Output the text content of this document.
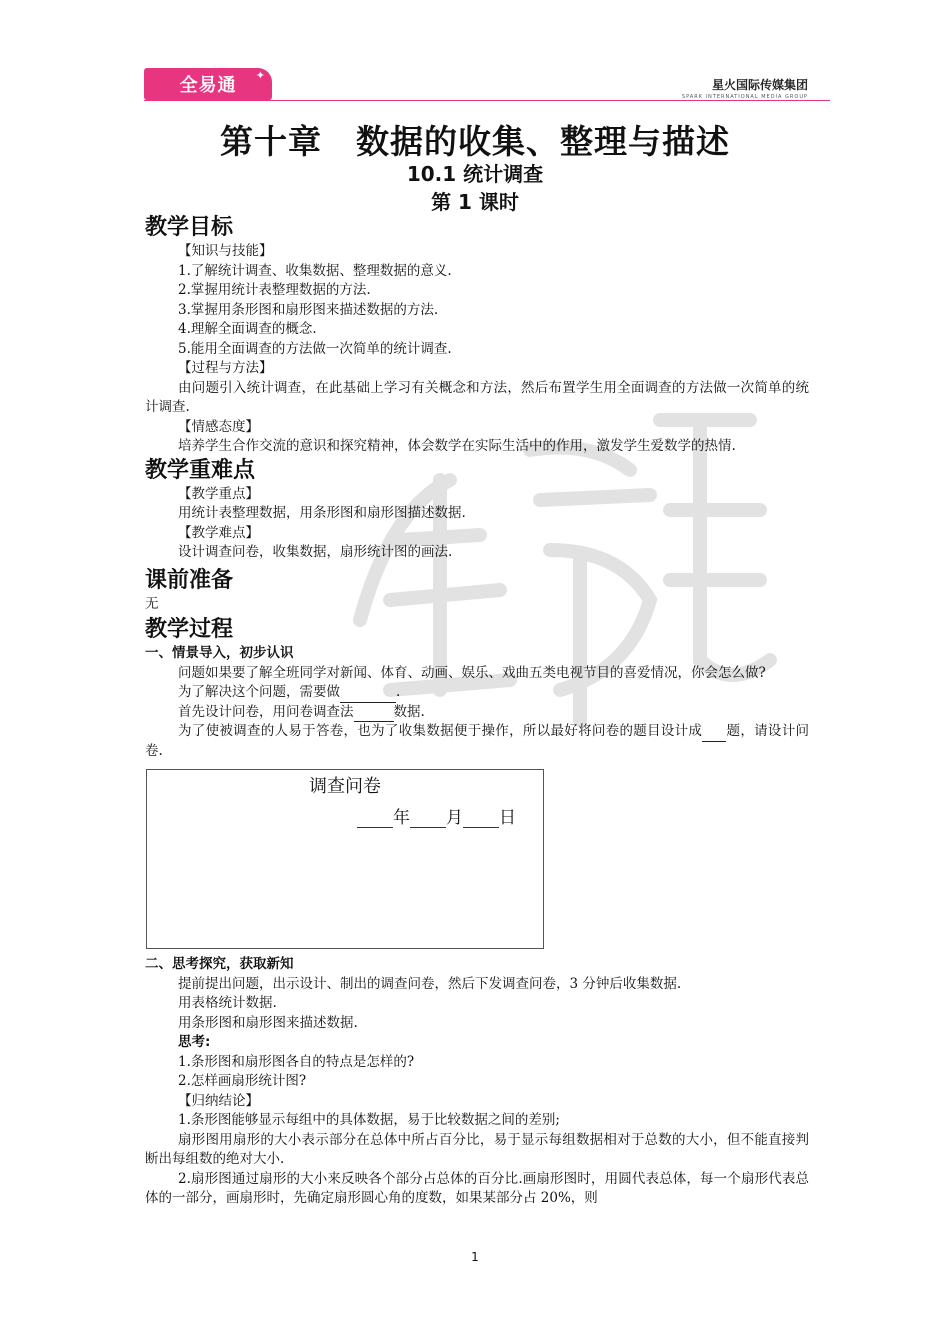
全易通 ✦
星火国际传媒集团
SPARK INTERNATIONAL MEDIA GROUP
第十章　数据的收集、整理与描述
10.1 统计调查
第 1 课时
教学目标
【知识与技能】
1.了解统计调查、收集数据、整理数据的意义.
2.掌握用统计表整理数据的方法.
3.掌握用条形图和扇形图来描述数据的方法.
4.理解全面调查的概念.
5.能用全面调查的方法做一次简单的统计调查.
【过程与方法】
由问题引入统计调查，在此基础上学习有关概念和方法，然后布置学生用全面调查的方法做一次简单的统计调查.
【情感态度】
培养学生合作交流的意识和探究精神，体会数学在实际生活中的作用，激发学生爱数学的热情.
教学重难点
【教学重点】
用统计表整理数据，用条形图和扇形图描述数据.
【教学难点】
设计调查问卷，收集数据，扇形统计图的画法.
课前准备
无
教学过程
一、情景导入，初步认识
问题如果要了解全班同学对新闻、体育、动画、娱乐、戏曲五类电视节目的喜爱情况，你会怎么做?
为了解决这个问题，需要做	.
首先设计问卷，用问卷调查法	数据.
为了使被调查的人易于答卷，也为了收集数据便于操作，所以最好将问卷的题目设计成 题，请设计问卷.
调查问卷
年 月 日
二、思考探究，获取新知
提前提出问题，出示设计、制出的调查问卷，然后下发调查问卷，3 分钟后收集数据.
用表格统计数据.
用条形图和扇形图来描述数据.
思考:
1.条形图和扇形图各自的特点是怎样的?
2.怎样画扇形统计图?
【归纳结论】
1.条形图能够显示每组中的具体数据，易于比较数据之间的差别;
扇形图用扇形的大小表示部分在总体中所占百分比，易于显示每组数据相对于总数的大小，但不能直接判断出每组数的绝对大小.
2.扇形图通过扇形的大小来反映各个部分占总体的百分比.画扇形图时，用圆代表总体，每一个扇形代表总体的一部分，画扇形时，先确定扇形圆心角的度数，如果某部分占 20%，则
1
